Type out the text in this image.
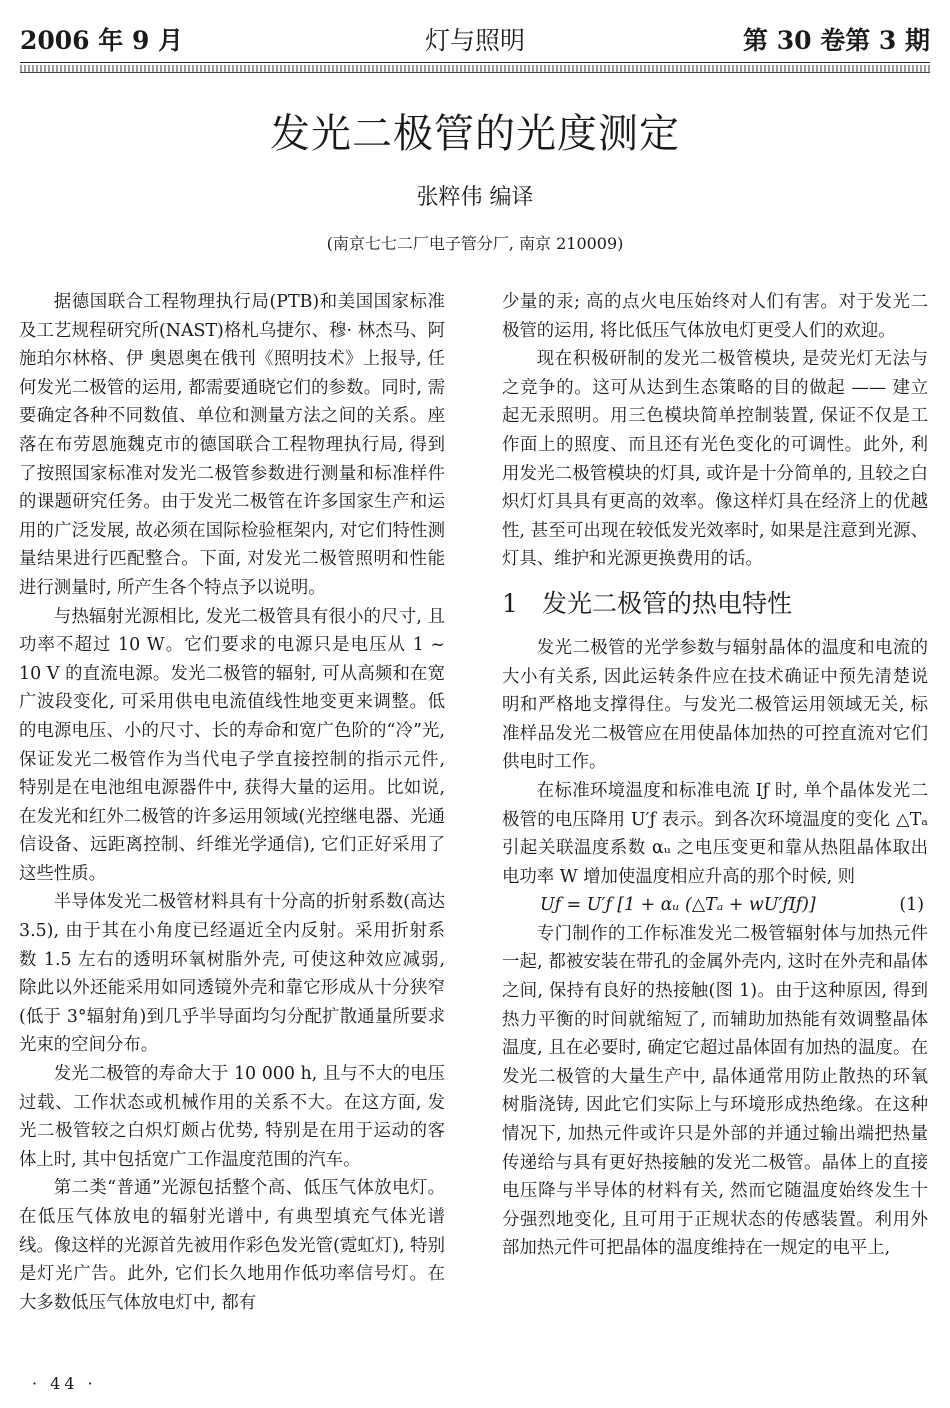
2006 年 9 月	灯与照明	第 30 卷第 3 期
发光二极管的光度测定
张粹伟 编译
(南京七七二厂电子管分厂, 南京 210009)

据德国联合工程物理执行局(PTB)和美国国家标准及工艺规程研究所(NAST)格札乌捷尔、穆· 林杰马、阿 施珀尔林格、伊 奥恩奥在俄刊《照明技术》上报导, 任何发光二极管的运用, 都需要通晓它们的参数。同时, 需要确定各种不同数值、单位和测量方法之间的关系。座落在布劳恩施魏克市的德国联合工程物理执行局, 得到了按照国家标准对发光二极管参数进行测量和标准样件的课题研究任务。由于发光二极管在许多国家生产和运用的广泛发展, 故必须在国际检验框架内, 对它们特性测量结果进行匹配整合。下面, 对发光二极管照明和性能进行测量时, 所产生各个特点予以说明。

与热辐射光源相比, 发光二极管具有很小的尺寸, 且功率不超过 10 W。它们要求的电源只是电压从 1 ~ 10 V 的直流电源。发光二极管的辐射, 可从高频和在宽广波段变化, 可采用供电电流值线性地变更来调整。低的电源电压、小的尺寸、长的寿命和宽广色阶的“冷”光, 保证发光二极管作为当代电子学直接控制的指示元件, 特别是在电池组电源器件中, 获得大量的运用。比如说, 在发光和红外二极管的许多运用领域(光控继电器、光通信设备、远距离控制、纤维光学通信), 它们正好采用了这些性质。

半导体发光二极管材料具有十分高的折射系数(高达 3.5), 由于其在小角度已经逼近全内反射。采用折射系数 1.5 左右的透明环氧树脂外壳, 可使这种效应减弱, 除此以外还能采用如同透镜外壳和靠它形成从十分狭窄(低于 3°辐射角)到几乎半导面均匀分配扩散通量所要求光束的空间分布。

发光二极管的寿命大于 10 000 h, 且与不大的电压过载、工作状态或机械作用的关系不大。在这方面, 发光二极管较之白炽灯颇占优势, 特别是在用于运动的客体上时, 其中包括宽广工作温度范围的汽车。

第二类“普通”光源包括整个高、低压气体放电灯。在低压气体放电的辐射光谱中, 有典型填充气体光谱线。像这样的光源首先被用作彩色发光管(霓虹灯), 特别是灯光广告。此外, 它们长久地用作低功率信号灯。在大多数低压气体放电灯中, 都有

少量的汞; 高的点火电压始终对人们有害。对于发光二极管的运用, 将比低压气体放电灯更受人们的欢迎。

现在积极研制的发光二极管模块, 是荧光灯无法与之竞争的。这可从达到生态策略的目的做起 —— 建立起无汞照明。用三色模块简单控制装置, 保证不仅是工作面上的照度、而且还有光色变化的可调性。此外, 利用发光二极管模块的灯具, 或许是十分简单的, 且较之白炽灯灯具具有更高的效率。像这样灯具在经济上的优越性, 甚至可出现在较低发光效率时, 如果是注意到光源、灯具、维护和光源更换费用的话。

1 发光二极管的热电特性

发光二极管的光学参数与辐射晶体的温度和电流的大小有关系, 因此运转条件应在技术确证中预先清楚说明和严格地支撑得住。与发光二极管运用领域无关, 标准样品发光二极管应在用使晶体加热的可控直流对它们供电时工作。

在标准环境温度和标准电流 Iƒ 时, 单个晶体发光二极管的电压降用 U′ƒ 表示。到各次环境温度的变化 △Tₐ 引起关联温度系数 αᵤ 之电压变更和靠从热阻晶体取出电功率 W 增加使温度相应升高的那个时候, 则

Uƒ = U′ƒ [1 + αᵤ (△Tₐ + wU′ƒIƒ)]	(1)

专门制作的工作标准发光二极管辐射体与加热元件一起, 都被安装在带孔的金属外壳内, 这时在外壳和晶体之间, 保持有良好的热接触(图 1)。由于这种原因, 得到热力平衡的时间就缩短了, 而辅助加热能有效调整晶体温度, 且在必要时, 确定它超过晶体固有加热的温度。在发光二极管的大量生产中, 晶体通常用防止散热的环氧树脂浇铸, 因此它们实际上与环境形成热绝缘。在这种情况下, 加热元件或许只是外部的并通过输出端把热量传递给与具有更好热接触的发光二极管。晶体上的直接电压降与半导体的材料有关, 然而它随温度始终发生十分强烈地变化, 且可用于正规状态的传感装置。利用外部加热元件可把晶体的温度维持在一规定的电平上,

· 44 ·
